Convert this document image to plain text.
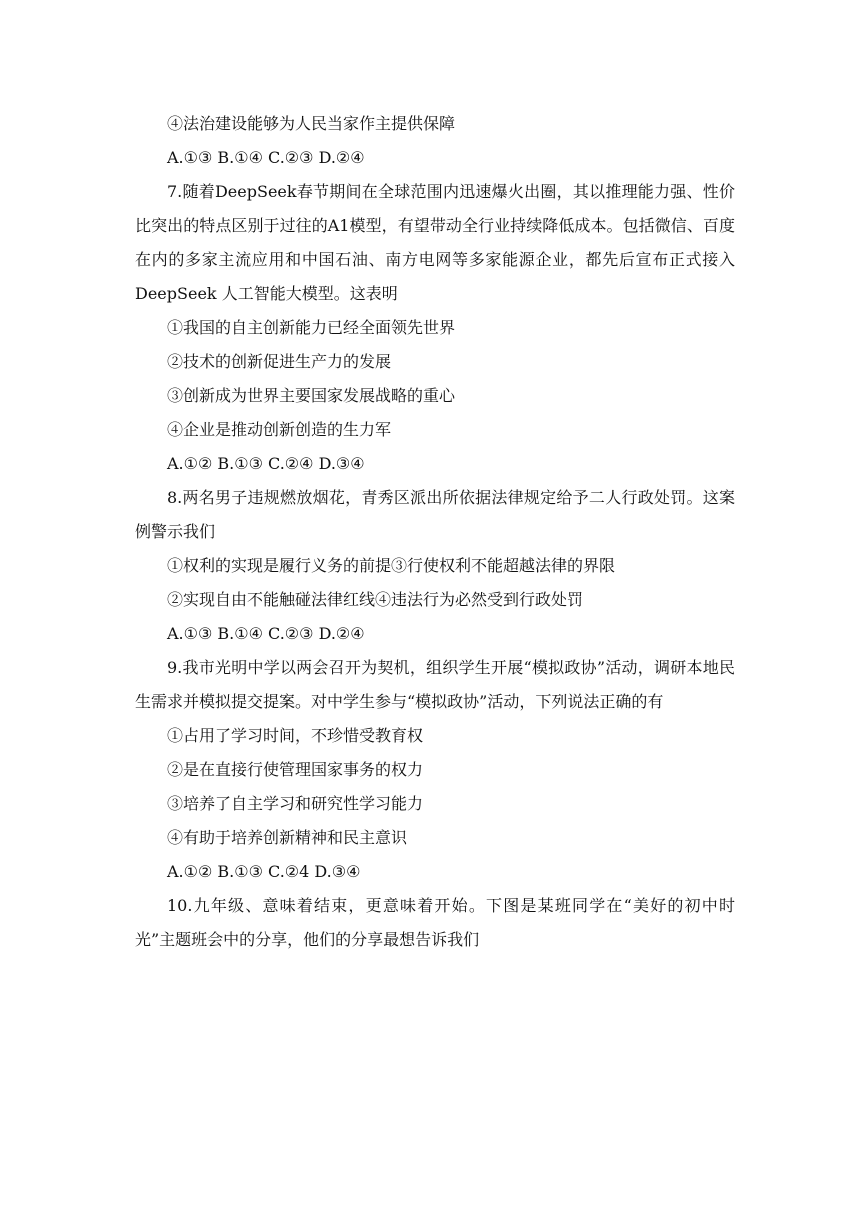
④法治建设能够为人民当家作主提供保障
A.①③ B.①④ C.②③ D.②④
7.随着DeepSeek春节期间在全球范围内迅速爆火出圈，其以推理能力强、性价比突出的特点区别于过往的A1模型，有望带动全行业持续降低成本。包括微信、百度在内的多家主流应用和中国石油、南方电网等多家能源企业，都先后宣布正式接入DeepSeek 人工智能大模型。这表明
①我国的自主创新能力已经全面领先世界
②技术的创新促进生产力的发展
③创新成为世界主要国家发展战略的重心
④企业是推动创新创造的生力军
A.①② B.①③ C.②④ D.③④
8.两名男子违规燃放烟花，青秀区派出所依据法律规定给予二人行政处罚。这案例警示我们
①权利的实现是履行义务的前提③行使权利不能超越法律的界限
②实现自由不能触碰法律红线④违法行为必然受到行政处罚
A.①③ B.①④ C.②③ D.②④
9.我市光明中学以两会召开为契机，组织学生开展“模拟政协”活动，调研本地民生需求并模拟提交提案。对中学生参与“模拟政协”活动，下列说法正确的有
①占用了学习时间，不珍惜受教育权
②是在直接行使管理国家事务的权力
③培养了自主学习和研究性学习能力
④有助于培养创新精神和民主意识
A.①② B.①③ C.②4 D.③④
10.九年级、意味着结束，更意味着开始。下图是某班同学在“美好的初中时光”主题班会中的分享，他们的分享最想告诉我们
